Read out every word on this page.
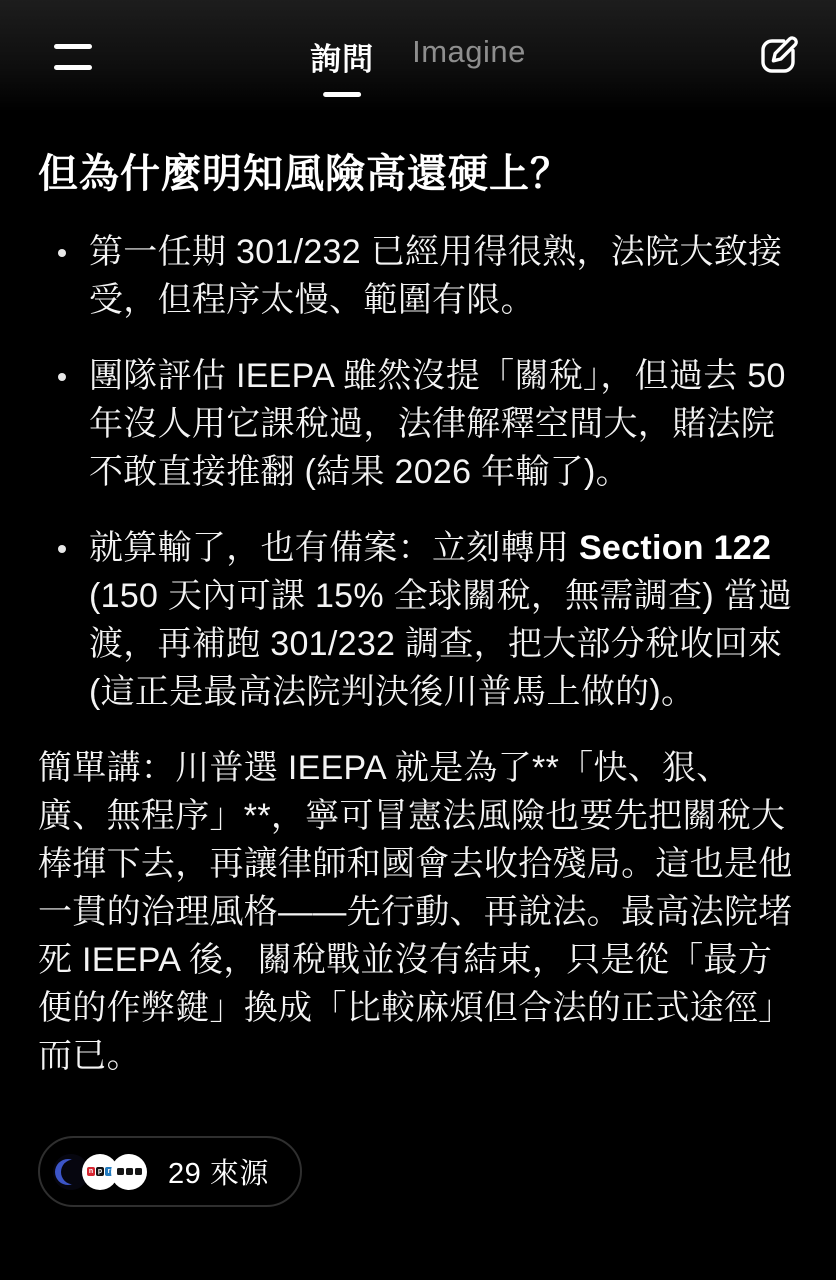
詢問 Imagine
但為什麼明知風險高還硬上？
第一任期 301/232 已經用得很熟，法院大致接受，但程序太慢、範圍有限。
團隊評估 IEEPA 雖然沒提「關稅」，但過去 50 年沒人用它課稅過，法律解釋空間大，賭法院不敢直接推翻 (結果 2026 年輸了)。
就算輸了，也有備案：立刻轉用 Section 122 (150 天內可課 15% 全球關稅，無需調查) 當過渡，再補跑 301/232 調查，把大部分稅收回來 (這正是最高法院判決後川普馬上做的)。

簡單講：川普選 IEEPA 就是為了**「快、狠、廣、無程序」**，寧可冒憲法風險也要先把關稅大棒揮下去，再讓律師和國會去收拾殘局。這也是他一貫的治理風格——先行動、再說法。最高法院堵死 IEEPA 後，關稅戰並沒有結束，只是從「最方便的作弊鍵」換成「比較麻煩但合法的正式途徑」而已。

n p r 29 來源
